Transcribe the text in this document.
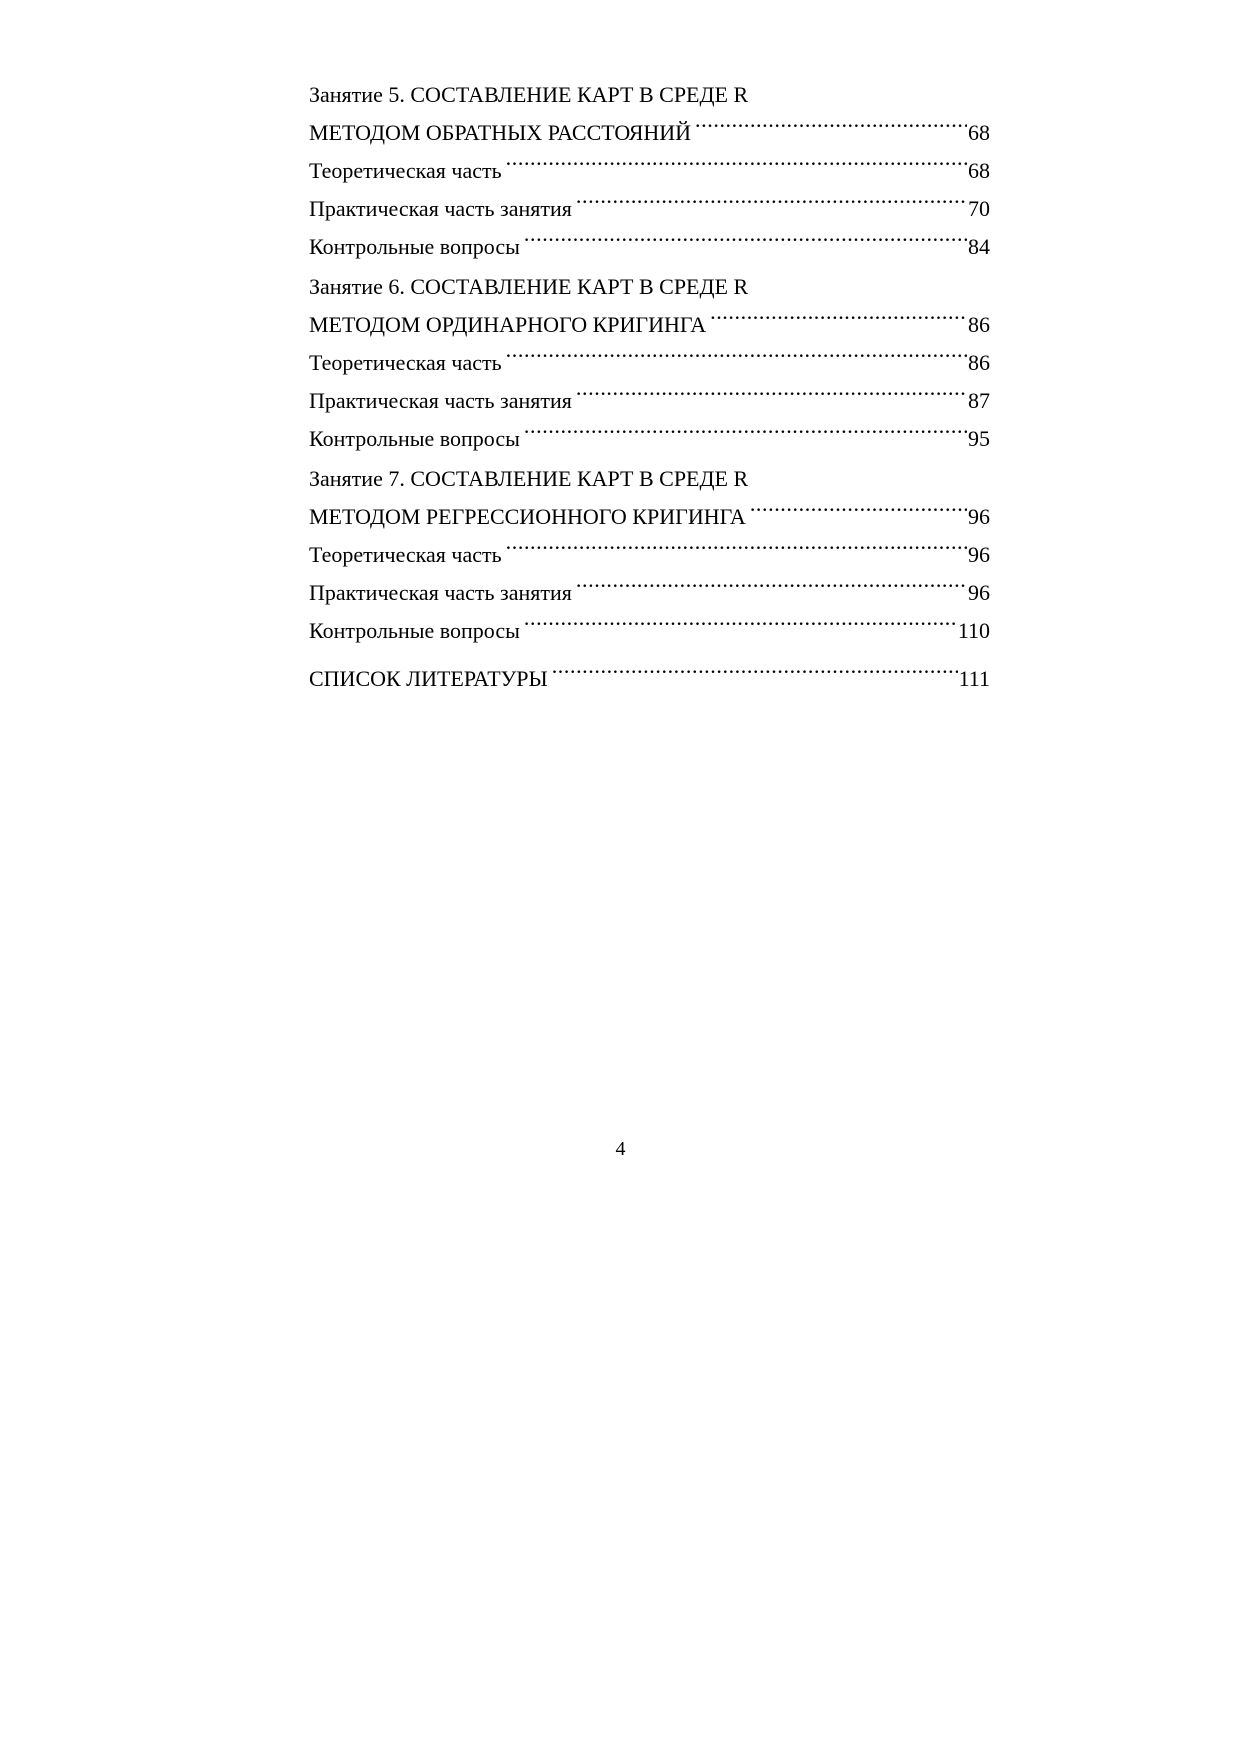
Занятие 5. СОСТАВЛЕНИЕ КАРТ В СРЕДЕ R
МЕТОДОМ ОБРАТНЫХ РАССТОЯНИЙ .....	68
Теоретическая часть .....	68
Практическая часть занятия .....	70
Контрольные вопросы .....	84
Занятие 6. СОСТАВЛЕНИЕ КАРТ В СРЕДЕ R
МЕТОДОМ ОРДИНАРНОГО КРИГИНГА .....	86
Теоретическая часть .....	86
Практическая часть занятия .....	87
Контрольные вопросы .....	95
Занятие 7. СОСТАВЛЕНИЕ КАРТ В СРЕДЕ R
МЕТОДОМ РЕГРЕССИОННОГО КРИГИНГА .....	96
Теоретическая часть .....	96
Практическая часть занятия .....	96
Контрольные вопросы .....	110
СПИСОК ЛИТЕРАТУРЫ .....	111
4
